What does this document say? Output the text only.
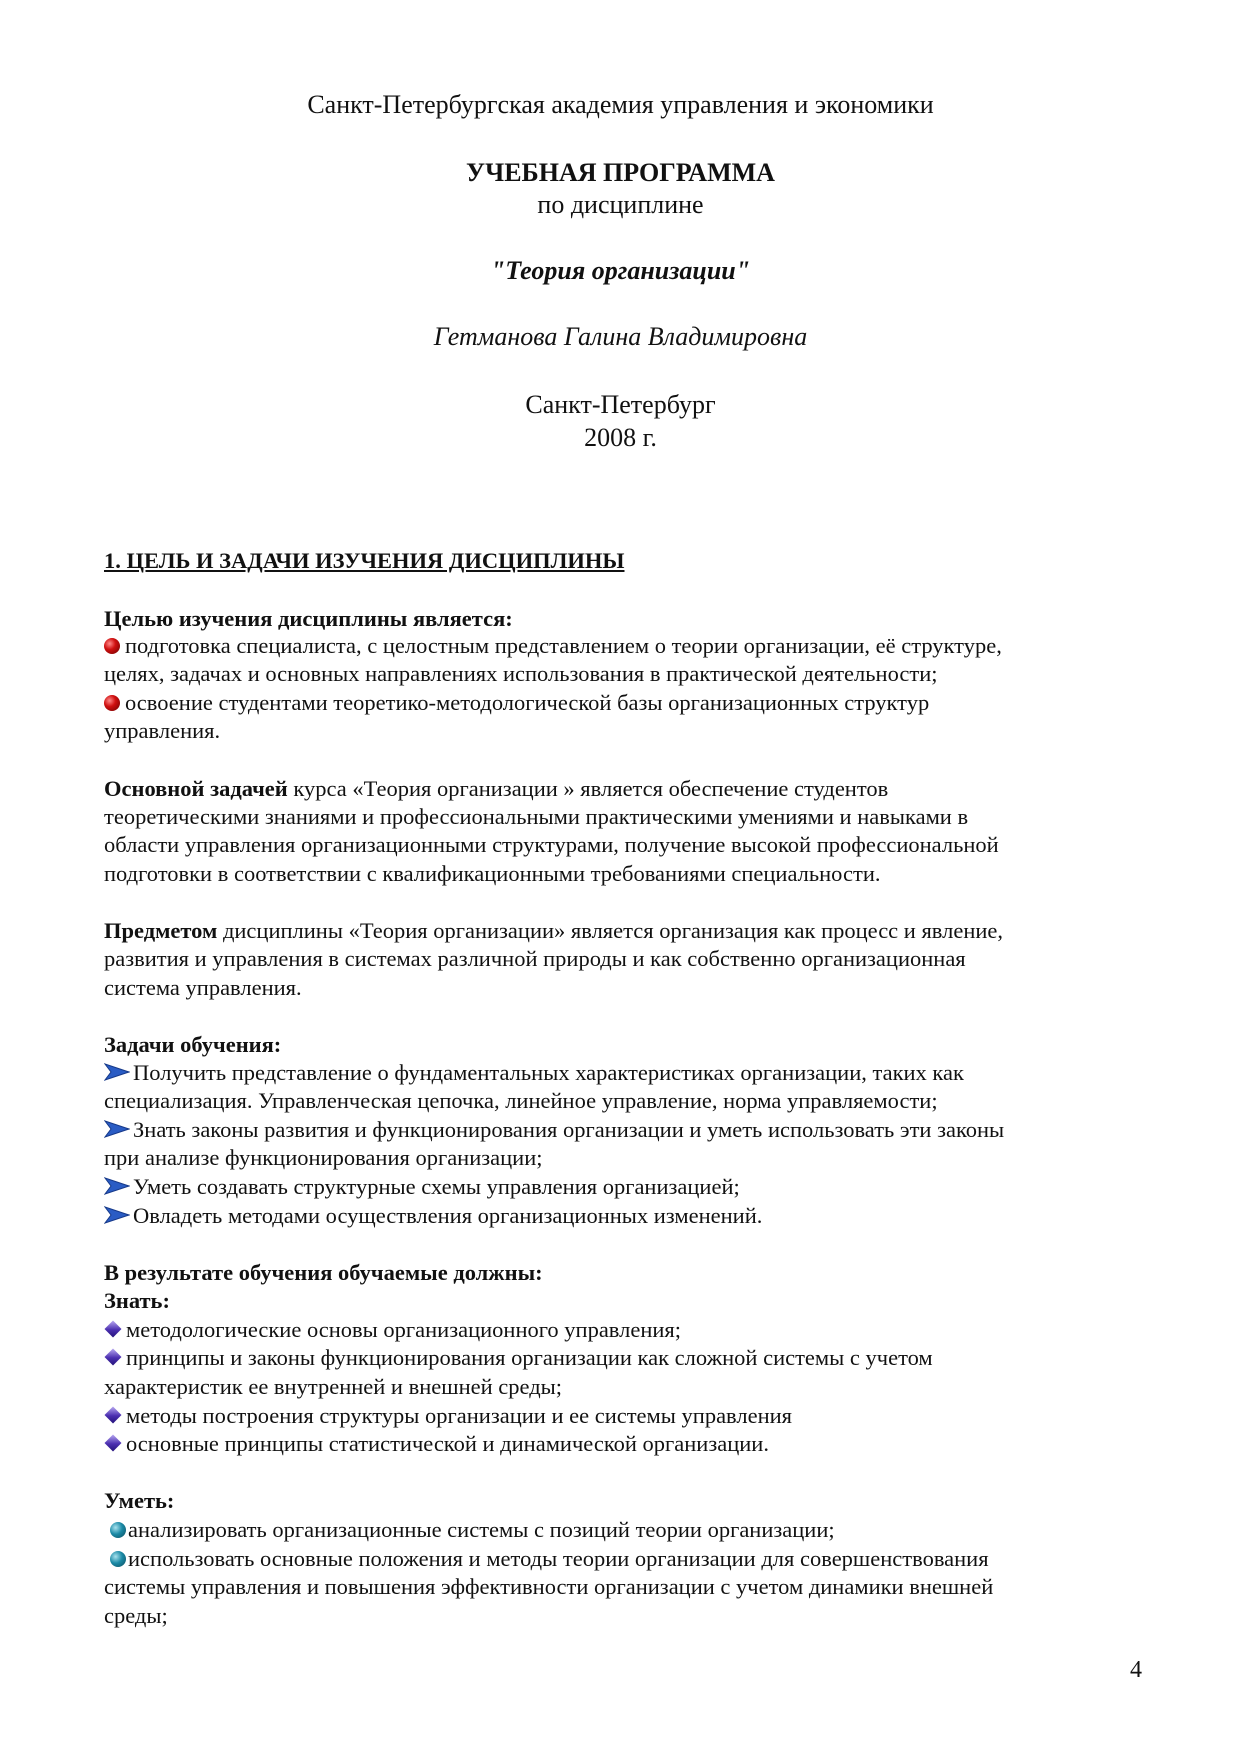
Санкт-Петербургская академия управления и экономики
УЧЕБНАЯ ПРОГРАММА
по дисциплине
"Теория организации"
Гетманова Галина Владимировна
Санкт-Петербург
2008 г.
1. ЦЕЛЬ И ЗАДАЧИ ИЗУЧЕНИЯ ДИСЦИПЛИНЫ
Целью изучения дисциплины является:
подготовка специалиста, с целостным представлением о теории организации, её структуре,
целях, задачах и основных направлениях использования в практической деятельности;
освоение студентами теоретико-методологической базы организационных структур
управления.
Основной задачей курса «Теория организации » является обеспечение студентов
теоретическими знаниями и профессиональными практическими умениями и навыками в
области управления организационными структурами, получение высокой профессиональной
подготовки в соответствии с квалификационными требованиями специальности.
Предметом дисциплины «Теория организации» является организация как процесс и явление,
развития и управления в системах различной природы и как собственно организационная
система управления.
Задачи обучения:
Получить представление о фундаментальных характеристиках организации, таких как
специализация. Управленческая цепочка, линейное управление, норма управляемости;
Знать законы развития и функционирования организации и уметь использовать эти законы
при анализе функционирования организации;
Уметь создавать структурные схемы управления организацией;
Овладеть методами осуществления организационных изменений.
В результате обучения обучаемые должны:
Знать:
методологические основы организационного управления;
принципы и законы функционирования организации как сложной системы с учетом
характеристик ее внутренней и внешней среды;
методы построения структуры организации и ее системы управления
основные принципы статистической и динамической организации.
Уметь:
анализировать организационные системы с позиций теории организации;
использовать основные положения и методы теории организации для совершенствования
системы управления и повышения эффективности организации с учетом динамики внешней
среды;
4
